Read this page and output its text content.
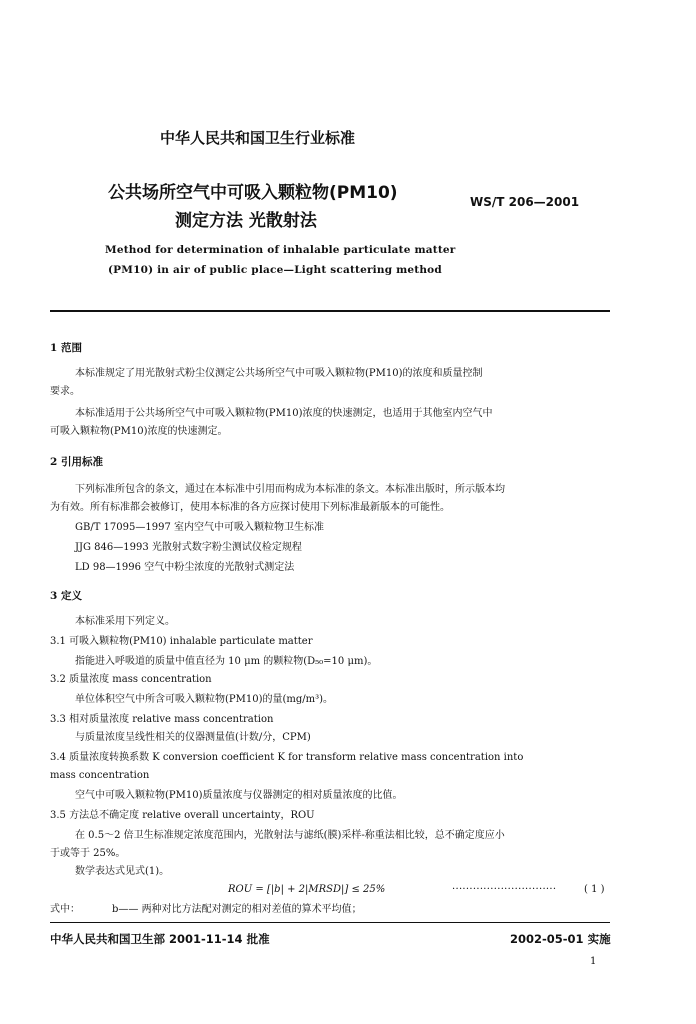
中华人民共和国卫生行业标准
公共场所空气中可吸入颗粒物(PM10)
测定方法 光散射法
WS/T 206—2001
Method for determination of inhalable particulate matter
(PM10) in air of public place—Light scattering method
1 范围
本标准规定了用光散射式粉尘仪测定公共场所空气中可吸入颗粒物(PM10)的浓度和质量控制
要求。
本标准适用于公共场所空气中可吸入颗粒物(PM10)浓度的快速测定，也适用于其他室内空气中
可吸入颗粒物(PM10)浓度的快速测定。
2 引用标准
下列标准所包含的条文，通过在本标准中引用而构成为本标准的条文。本标准出版时，所示版本均
为有效。所有标准都会被修订，使用本标准的各方应探讨使用下列标准最新版本的可能性。
GB/T 17095—1997 室内空气中可吸入颗粒物卫生标准
JJG 846—1993 光散射式数字粉尘测试仪检定规程
LD 98—1996 空气中粉尘浓度的光散射式测定法
3 定义
本标准采用下列定义。
3.1 可吸入颗粒物(PM10) inhalable particulate matter
指能进入呼吸道的质量中值直径为 10 μm 的颗粒物(D₅₀=10 μm)。
3.2 质量浓度 mass concentration
单位体积空气中所含可吸入颗粒物(PM10)的量(mg/m³)。
3.3 相对质量浓度 relative mass concentration
与质量浓度呈线性相关的仪器测量值(计数/分，CPM)
3.4 质量浓度转换系数 K conversion coefficient K for transform relative mass concentration into
mass concentration
空气中可吸入颗粒物(PM10)质量浓度与仪器测定的相对质量浓度的比值。
3.5 方法总不确定度 relative overall uncertainty，ROU
在 0.5～2 倍卫生标准规定浓度范围内，光散射法与滤纸(膜)采样-称重法相比较，总不确定度应小
于或等于 25%。
数学表达式见式(1)。
ROU = [|b| + 2|MRSD|] ≤ 25%	······························	( 1 )
式中：	b—— 两种对比方法配对测定的相对差值的算术平均值；
中华人民共和国卫生部 2001-11-14 批准	2002-05-01 实施
1
